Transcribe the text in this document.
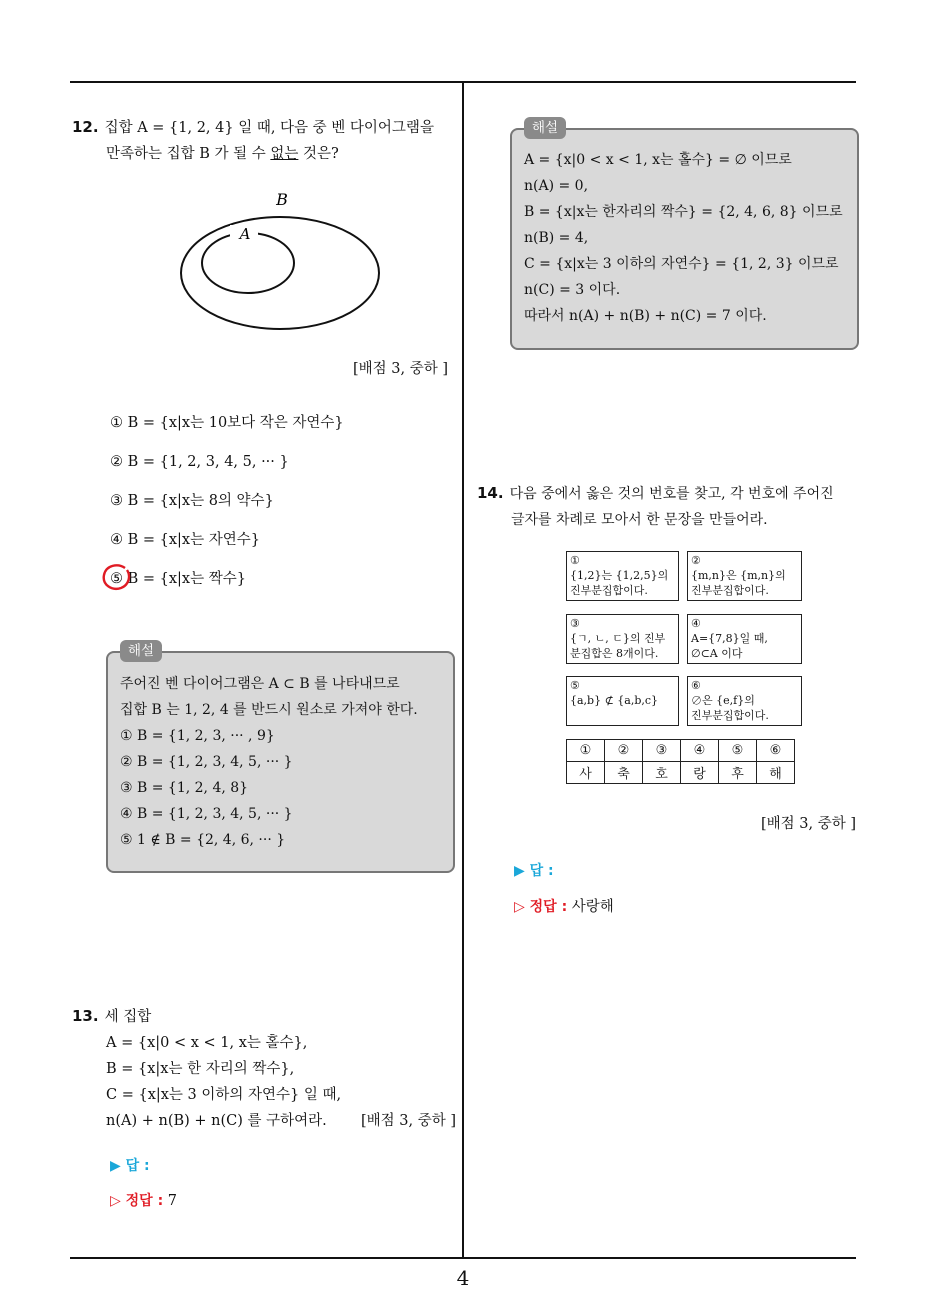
12. 집합 A = {1, 2, 4} 일 때, 다음 중 벤 다이어그램을
만족하는 집합 B 가 될 수 없는 것은?
B
A
[배점 3, 중하 ]
① B = {x|x는 10보다 작은 자연수}
② B = {1, 2, 3, 4, 5, ··· }
③ B = {x|x는 8의 약수}
④ B = {x|x는 자연수}
⑤ B = {x|x는 짝수}
해설
주어진 벤 다이어그램은 A ⊂ B 를 나타내므로
집합 B 는 1, 2, 4 를 반드시 원소로 가져야 한다.
① B = {1, 2, 3, ··· , 9}
② B = {1, 2, 3, 4, 5, ··· }
③ B = {1, 2, 4, 8}
④ B = {1, 2, 3, 4, 5, ··· }
⑤ 1 ∉ B = {2, 4, 6, ··· }
13. 세 집합
A = {x|0 < x < 1, x는 홀수},
B = {x|x는 한 자리의 짝수},
C = {x|x는 3 이하의 자연수} 일 때,
n(A) + n(B) + n(C) 를 구하여라. [배점 3, 중하 ]
▶ 답 :
▷ 정답 : 7
해설
A = {x|0 < x < 1, x는 홀수} = ∅ 이므로
n(A) = 0,
B = {x|x는 한자리의 짝수} = {2, 4, 6, 8} 이므로
n(B) = 4,
C = {x|x는 3 이하의 자연수} = {1, 2, 3} 이므로
n(C) = 3 이다.
따라서 n(A) + n(B) + n(C) = 7 이다.
14. 다음 중에서 옳은 것의 번호를 찾고, 각 번호에 주어진
글자를 차례로 모아서 한 문장을 만들어라.
①
{1,2}는 {1,2,5}의
진부분집합이다.
②
{m,n}은 {m,n}의
진부분집합이다.
③
{ㄱ, ㄴ, ㄷ}의 진부
분집합은 8개이다.
④
A={7,8}일 때,
∅⊂A 이다
⑤
{a,b} ⊄ {a,b,c}
⑥
∅은 {e,f}의
진부분집합이다.
①	②	③	④	⑤	⑥
사	축	호	랑	후	해
[배점 3, 중하 ]
▶ 답 :
▷ 정답 : 사랑해
4
